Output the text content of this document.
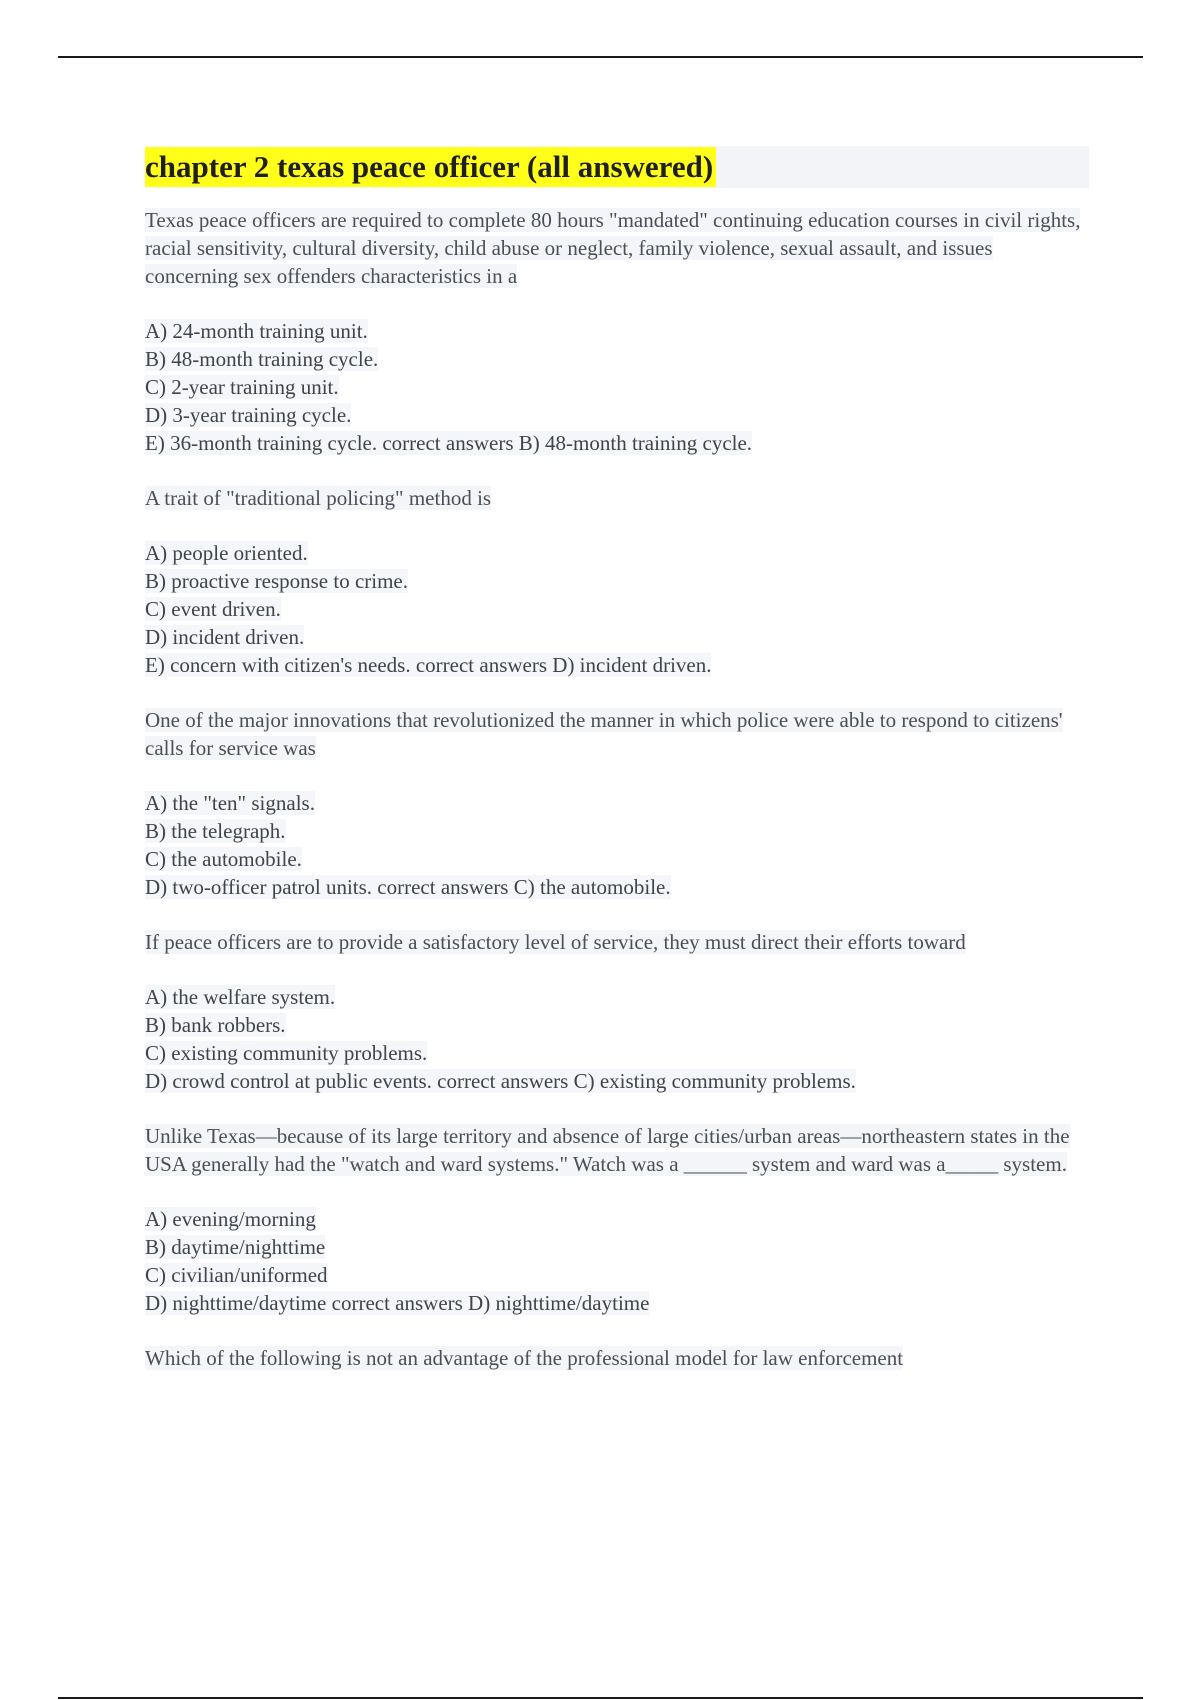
chapter 2 texas peace officer (all answered)

Texas peace officers are required to complete 80 hours "mandated" continuing education courses in civil rights, racial sensitivity, cultural diversity, child abuse or neglect, family violence, sexual assault, and issues concerning sex offenders characteristics in a

A) 24-month training unit.
B) 48-month training cycle.
C) 2-year training unit.
D) 3-year training cycle.
E) 36-month training cycle. correct answers B) 48-month training cycle.

A trait of "traditional policing" method is

A) people oriented.
B) proactive response to crime.
C) event driven.
D) incident driven.
E) concern with citizen's needs. correct answers D) incident driven.

One of the major innovations that revolutionized the manner in which police were able to respond to citizens' calls for service was

A) the "ten" signals.
B) the telegraph.
C) the automobile.
D) two-officer patrol units. correct answers C) the automobile.

If peace officers are to provide a satisfactory level of service, they must direct their efforts toward

A) the welfare system.
B) bank robbers.
C) existing community problems.
D) crowd control at public events. correct answers C) existing community problems.

Unlike Texas—because of its large territory and absence of large cities/urban areas—northeastern states in the USA generally had the "watch and ward systems." Watch was a ______ system and ward was a_____ system.

A) evening/morning
B) daytime/nighttime
C) civilian/uniformed
D) nighttime/daytime correct answers D) nighttime/daytime

Which of the following is not an advantage of the professional model for law enforcement
